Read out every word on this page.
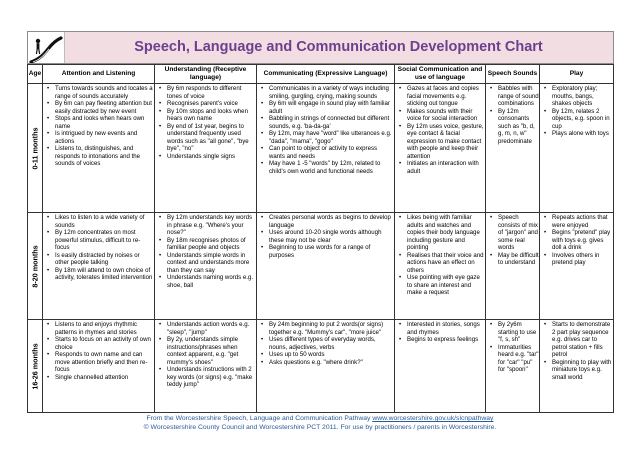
Speech, Language and Communication Development Chart
Age	Attention and Listening
Understanding (Receptive language)
Communicating (Expressive Language)
Social Communication and use of language
Speech Sounds	Play
0-11 months
• Turns towards sounds and locates a range of sounds accurately
• By 6m can pay fleeting attention but easily distracted by new event
• Stops and looks when hears own name
• Is intrigued by new events and actions
• Listens to, distinguishes, and responds to intonations and the sounds of voices
• By 6m responds to different tones of voice
• Recognises parent's voice
• By 10m stops and looks when hears own name
• By end of 1st year, begins to understand frequently used words such as "all gone", "bye bye", "no"
• Understands single signs
• Communicates in a variety of ways including smiling, gurgling, crying, making sounds
• By 6m will engage in sound play with familiar adult
• Babbling in strings of connected but different sounds, e.g. 'ba-da-ga'
• By 12m, may have "word" like utterances e.g. "dada", "mama", "gogo"
• Can point to object or activity to express wants and needs
• May have 1 -5 "words" by 12m, related to child's own world and functional needs
• Gazes at faces and copies facial movements e.g. sticking out tongue
• Makes sounds with their voice for social interaction
• By 12m uses voice, gesture, eye contact & facial expression to make contact with people and keep their attention
• Initiates an interaction with adult
• Babbles with range of sound combinations
• By 12m consonants such as "b, d, g, m, n, w" predominate
• Exploratory play; mouths, bangs, shakes objects
• By 12m, relates 2 objects, e.g. spoon in cup
• Plays alone with toys
8-20 months
• Likes to listen to a wide variety of sounds
• By 12m concentrates on most powerful stimulus, difficult to re-focus
• Is easily distracted by noises or other people talking
• By 18m will attend to own choice of activity, tolerates limited intervention
• By 12m understands key words in phrase e.g. "Where's your nose?"
• By 18m recognises photos of familiar people and objects
• Understands simple words in context and understands more than they can say
• Understands naming words e.g. shoe, ball
• Creates personal words as begins to develop language
• Uses around 10-20 single words although these may not be clear
• Beginning to use words for a range of purposes
• Likes being with familiar adults and watches and copies their body language including gesture and pointing
• Realises that their voice and actions have an effect on others
• Use pointing with eye gaze to share an interest and make a request
• Speech consists of mix of "jargon" and some real words
• May be difficult to understand
• Repeats actions that were enjoyed
• Begins "pretend" play with toys e.g. gives doll a drink
• Involves others in pretend play
16-26 months
• Listens to and enjoys rhythmic patterns in rhymes and stories
• Starts to focus on an activity of own choice
• Responds to own name and can move attention briefly and then re-focus
• Single channelled attention
• Understands action words e.g. "sleep", "jump"
• By 2y, understands simple instructions/phrases when context apparent, e.g. "get mummy's shoes"
• Understands instructions with 2 key words (or signs) e.g. "make teddy jump"
• By 24m beginning to put 2 words(or signs) together e.g. "Mummy's car", "more juice"
• Uses different types of everyday words, nouns, adjectives, verbs
• Uses up to 50 words
• Asks questions e.g. "where drink?"
• Interested in stories, songs and rhymes
• Begins to express feelings
• By 2y6m starting to use "f, s, sh"
• Immaturities heard e.g. "tar" for "car" "pu" for "spoon"
• Starts to demonstrate 2 part play sequence e.g. drives car to petrol station + fills petrol
• Beginning to play with miniature toys e.g. small world
From the Worcestershire Speech, Language and Communication Pathway www.worcestershire.gov.uk/slcnpathway
© Worcestershire County Council and Worcestershire PCT 2011. For use by practitioners / parents in Worcestershire.
